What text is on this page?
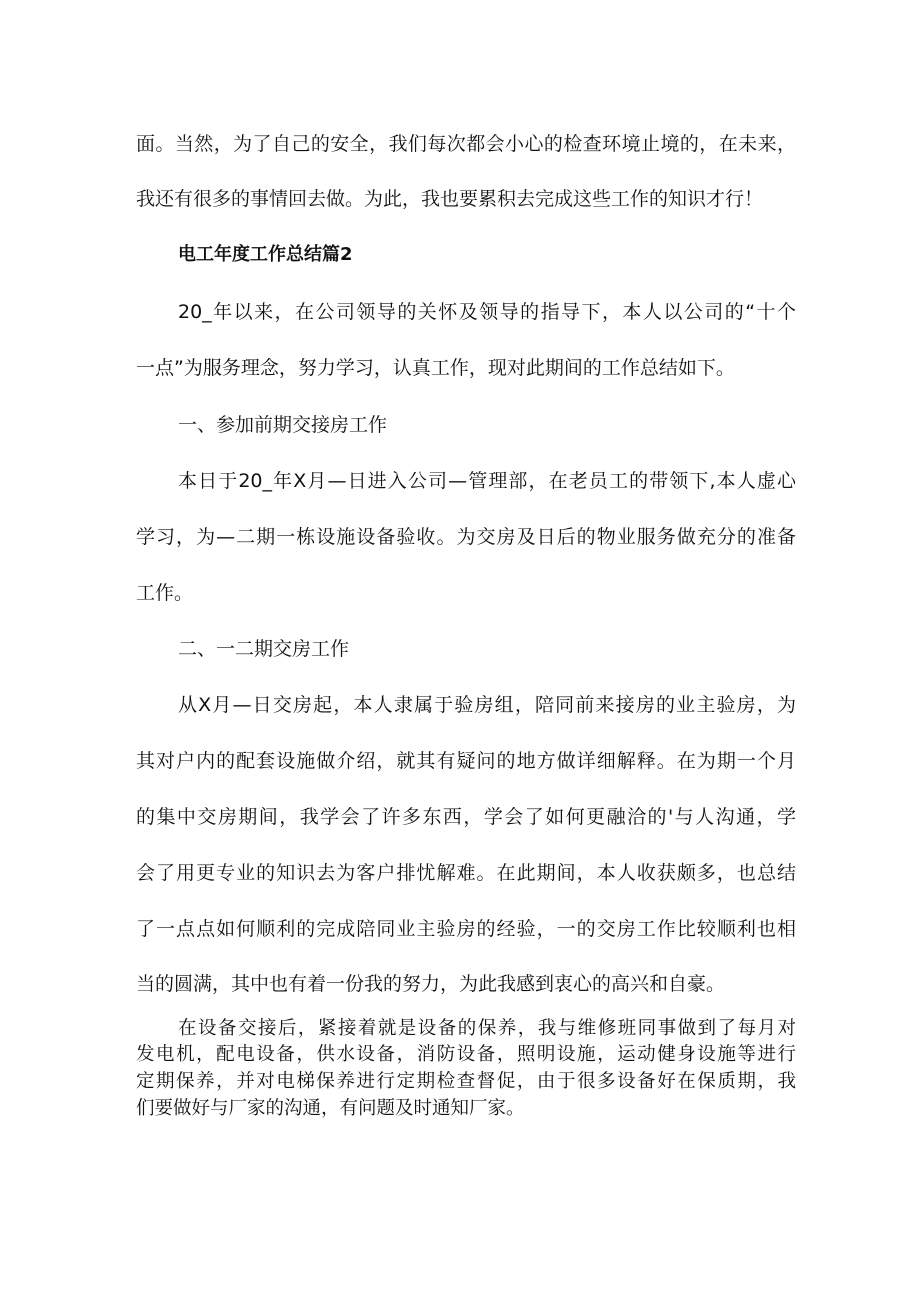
面。当然，为了自己的安全，我们每次都会小心的检查环境止境的，在未来，
我还有很多的事情回去做。为此，我也要累积去完成这些工作的知识才行！
电工年度工作总结篇2
20_年以来，在公司领导的关怀及领导的指导下，本人以公司的“十个
一点”为服务理念，努力学习，认真工作，现对此期间的工作总结如下。
一、参加前期交接房工作
本日于20_年X月—日进入公司—管理部，在老员工的带领下,本人虚心
学习，为—二期一栋设施设备验收。为交房及日后的物业服务做充分的准备
工作。
二、一二期交房工作
从X月—日交房起，本人隶属于验房组，陪同前来接房的业主验房，为
其对户内的配套设施做介绍，就其有疑问的地方做详细解释。在为期一个月
的集中交房期间，我学会了许多东西，学会了如何更融洽的'与人沟通，学
会了用更专业的知识去为客户排忧解难。在此期间，本人收获颇多，也总结
了一点点如何顺利的完成陪同业主验房的经验，一的交房工作比较顺利也相
当的圆满，其中也有着一份我的努力，为此我感到衷心的高兴和自豪。
在设备交接后，紧接着就是设备的保养，我与维修班同事做到了每月对
发电机，配电设备，供水设备，消防设备，照明设施，运动健身设施等进行
定期保养，并对电梯保养进行定期检查督促，由于很多设备好在保质期，我
们要做好与厂家的沟通，有问题及时通知厂家。
